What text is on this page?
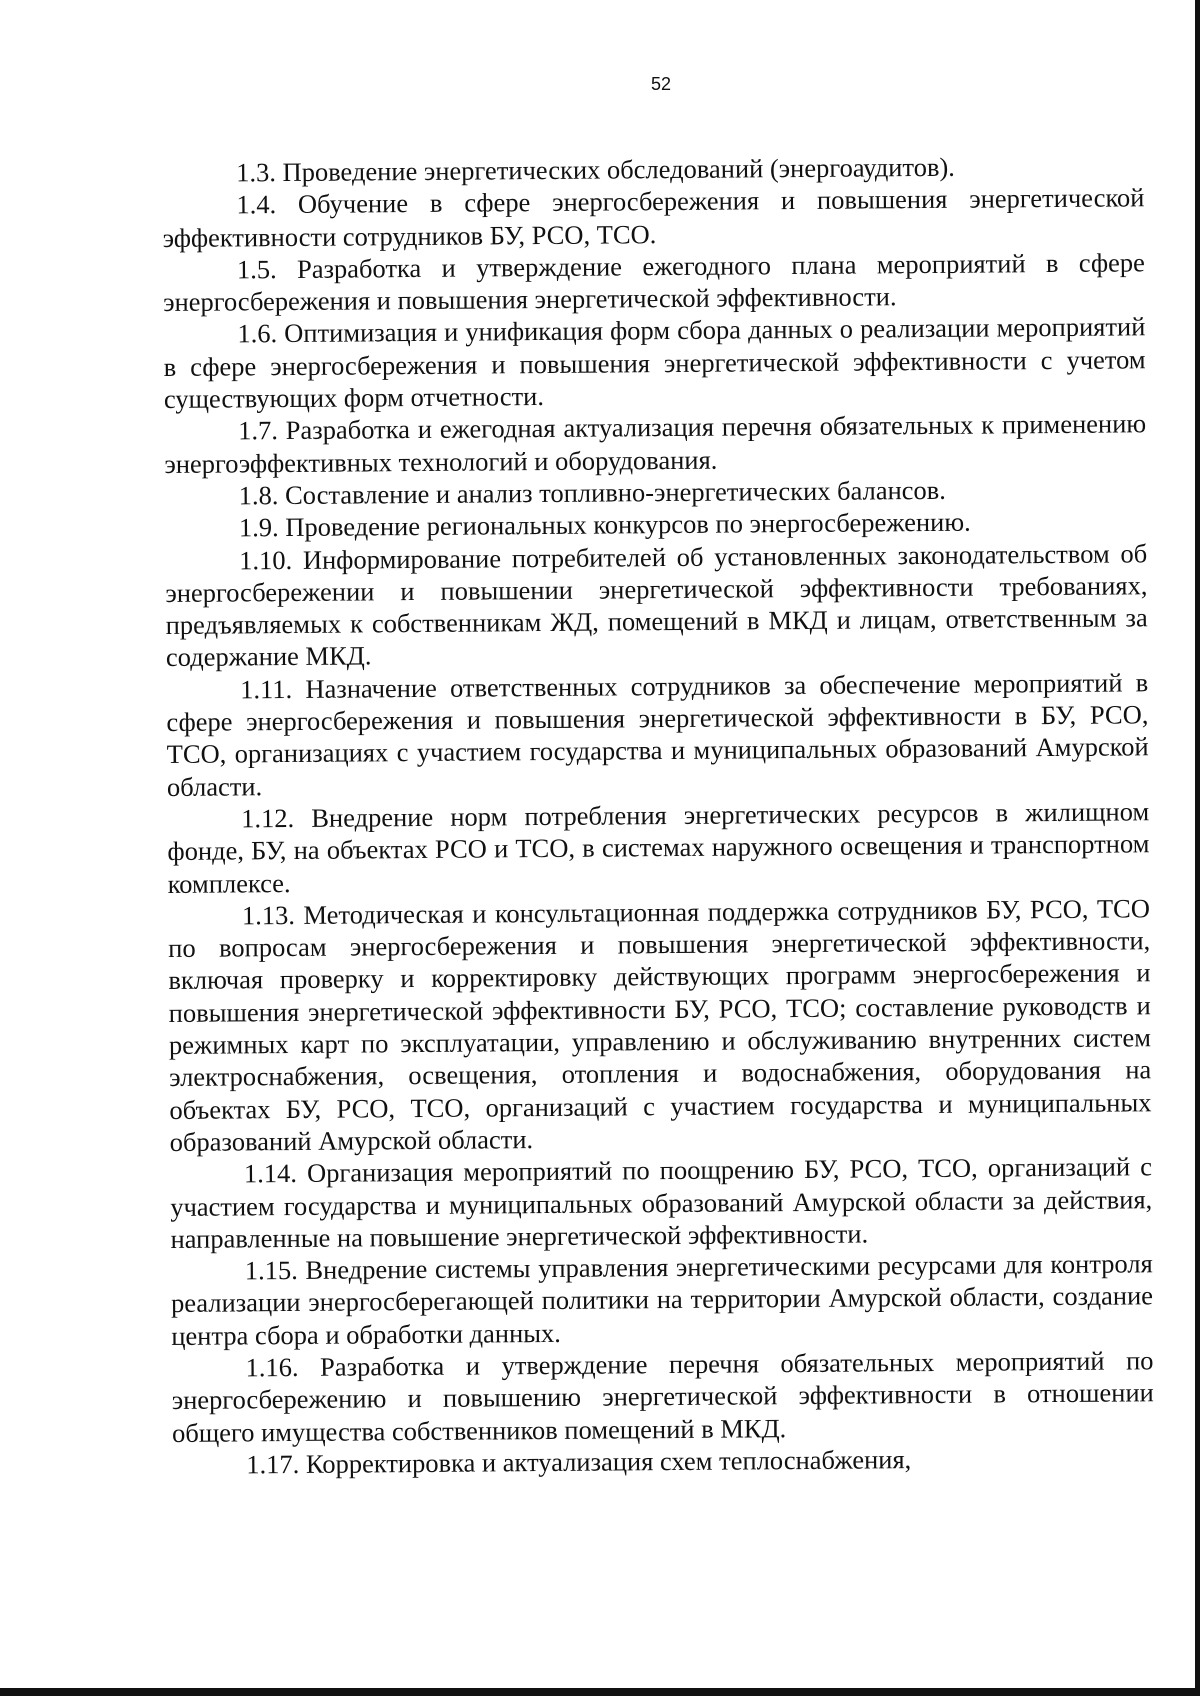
52

1.3. Проведение энергетических обследований (энергоаудитов).

1.4. Обучение в сфере энергосбережения и повышения энергетической эффективности сотрудников БУ, РСО, ТСО.

1.5. Разработка и утверждение ежегодного плана мероприятий в сфере энергосбережения и повышения энергетической эффективности.

1.6. Оптимизация и унификация форм сбора данных о реализации мероприятий в сфере энергосбережения и повышения энергетической эффективности с учетом существующих форм отчетности.

1.7. Разработка и ежегодная актуализация перечня обязательных к применению энергоэффективных технологий и оборудования.

1.8. Составление и анализ топливно-энергетических балансов.

1.9. Проведение региональных конкурсов по энергосбережению.

1.10. Информирование потребителей об установленных законодательством об энергосбережении и повышении энергетической эффективности требованиях, предъявляемых к собственникам ЖД, помещений в МКД и лицам, ответственным за содержание МКД.

1.11. Назначение ответственных сотрудников за обеспечение мероприятий в сфере энергосбережения и повышения энергетической эффективности в БУ, РСО, ТСО, организациях с участием государства и муниципальных образований Амурской области.

1.12. Внедрение норм потребления энергетических ресурсов в жилищном фонде, БУ, на объектах РСО и ТСО, в системах наружного освещения и транспортном комплексе.

1.13. Методическая и консультационная поддержка сотрудников БУ, РСО, ТСО по вопросам энергосбережения и повышения энергетической эффективности, включая проверку и корректировку действующих программ энергосбережения и повышения энергетической эффективности БУ, РСО, ТСО; составление руководств и режимных карт по эксплуатации, управлению и обслуживанию внутренних систем электроснабжения, освещения, отопления и водоснабжения, оборудования на объектах БУ, РСО, ТСО, организаций с участием государства и муниципальных образований Амурской области.

1.14. Организация мероприятий по поощрению БУ, РСО, ТСО, организаций с участием государства и муниципальных образований Амурской области за действия, направленные на повышение энергетической эффективности.

1.15. Внедрение системы управления энергетическими ресурсами для контроля реализации энергосберегающей политики на территории Амурской области, создание центра сбора и обработки данных.

1.16. Разработка и утверждение перечня обязательных мероприятий по энергосбережению и повышению энергетической эффективности в отношении общего имущества собственников помещений в МКД.

1.17. Корректировка и актуализация схем теплоснабжения,
